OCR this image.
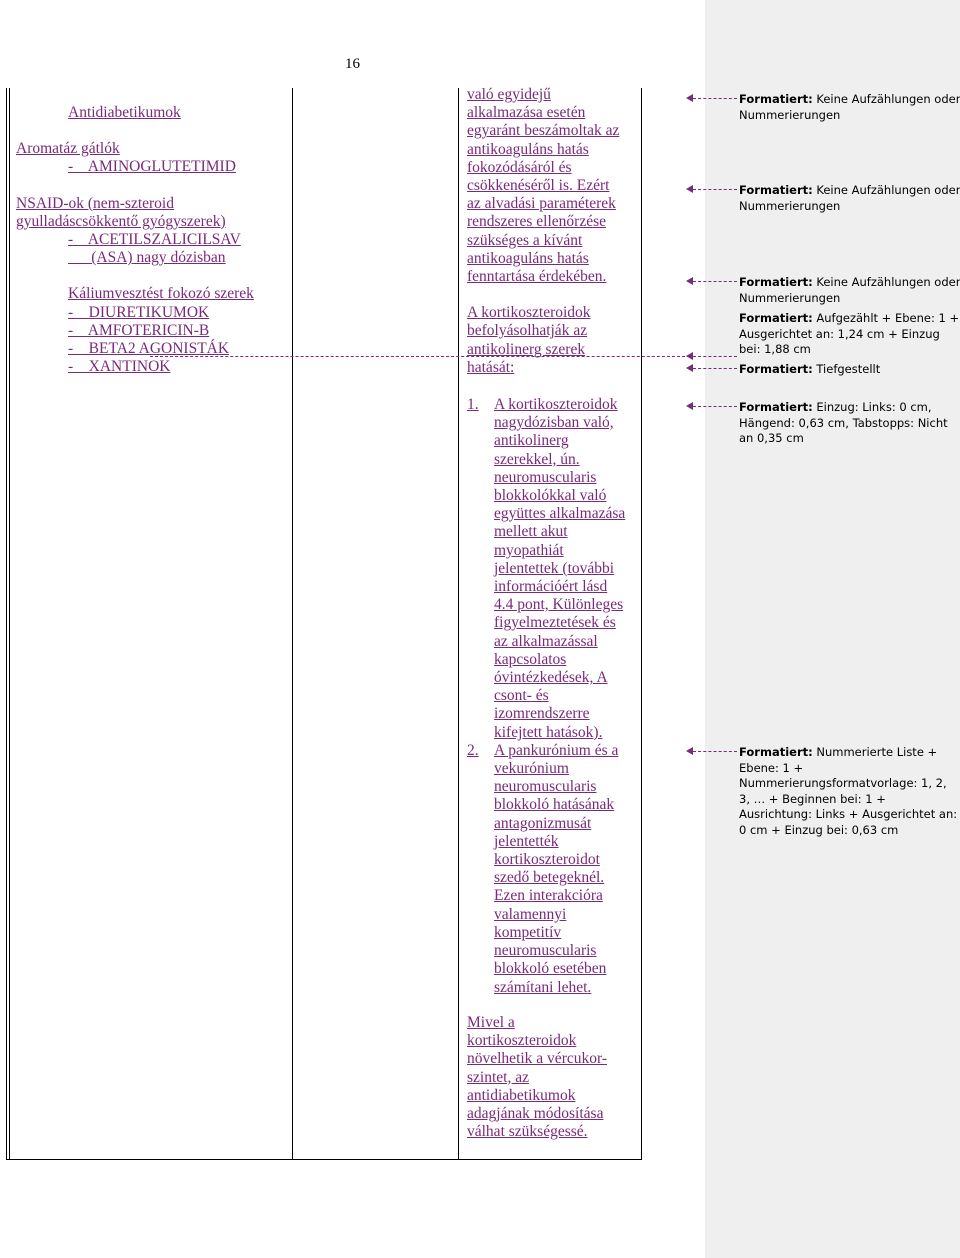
16

Antidiabetikumok

Aromatáz gátlók

-    AMINOGLUTETIMID

NSAID-ok (nem-szteroid

gyulladáscsökkentő gyógyszerek)

-    ACETILSZALICILSAV

(ASA) nagy dózisban

Káliumvesztést fokozó szerek

-    DIURETIKUMOK

-    AMFOTERICIN-B

-    BETA2 AGONISTÁK

-    XANTINOK

való egyidejű
alkalmazása esetén
egyaránt beszámoltak az
antikoaguláns hatás
fokozódásáról és
csökkenéséről is. Ezért
az alvadási paraméterek
rendszeres ellenőrzése
szükséges a kívánt
antikoaguláns hatás
fenntartása érdekében.

A kortikoszteroidok
befolyásolhatják az
antikolinerg szerek
hatását:

1. A kortikoszteroidok
nagydózisban való,
antikolinerg
szerekkel, ún.
neuromuscularis
blokkolókkal való
együttes alkalmazása
mellett akut
myopathiát
jelentettek (további
információért lásd
4.4 pont, Különleges
figyelmeztetések és
az alkalmazással
kapcsolatos
óvintézkedések, A
csont- és
izomrendszerre
kifejtett hatások).

2. A pankurónium és a
vekurónium
neuromuscularis
blokkoló hatásának
antagonizmusát
jelentették
kortikoszteroidot
szedő betegeknél.
Ezen interakcióra
valamennyi
kompetitív
neuromuscularis
blokkoló esetében
számítani lehet.

Mivel a
kortikoszteroidok
növelhetik a vércukor-
szintet, az
antidiabetikumok
adagjának módosítása
válhat szükségessé.

Formatiert: Keine Aufzählungen oder Nummerierungen
Formatiert: Keine Aufzählungen oder Nummerierungen
Formatiert: Keine Aufzählungen oder Nummerierungen
Formatiert: Aufgezählt + Ebene: 1 + Ausgerichtet an: 1,24 cm + Einzug bei: 1,88 cm
Formatiert: Tiefgestellt
Formatiert: Einzug: Links: 0 cm, Hängend: 0,63 cm, Tabstopps: Nicht an 0,35 cm
Formatiert: Nummerierte Liste + Ebene: 1 + Nummerierungsformatvorlage: 1, 2, 3, … + Beginnen bei: 1 + Ausrichtung: Links + Ausgerichtet an: 0 cm + Einzug bei: 0,63 cm
